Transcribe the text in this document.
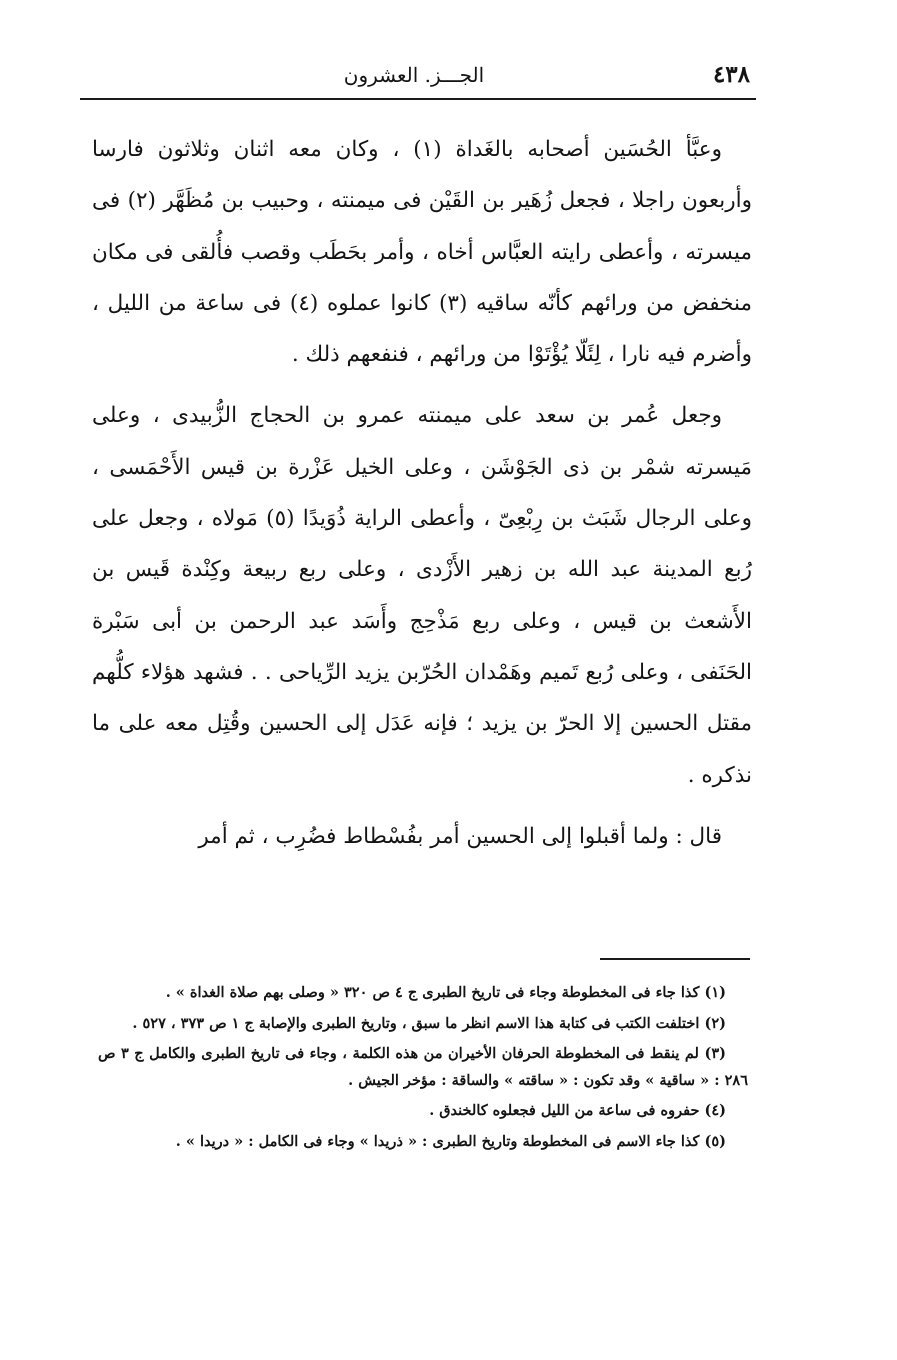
٤٣٨
الجـــز. العشرون

وعبَّأ الحُسَين أصحابه بالغَداة (١) ، وكان معه اثنان وثلاثون فارسا وأربعون راجلا ، فجعل زُهَير بن القَيْن فى ميمنته ، وحبيب بن مُظَهَّر (٢) فى ميسرته ، وأعطى رايته العبَّاس أخاه ، وأمر بحَطَب وقصب فأُلقى فى مكان منخفض من ورائهم كأنّه ساقيه (٣) كانوا عملوه (٤) فى ساعة من الليل ، وأضرم فيه نارا ، لِئَلّا يُؤْتَوْا من ورائهم ، فنفعهم ذلك .

وجعل عُمر بن سعد على ميمنته عمرو بن الحجاج الزُّبيدى ، وعلى مَيسرته شمْر بن ذى الجَوْشَن ، وعلى الخيل عَزْرة بن قيس الأَحْمَسى ، وعلى الرجال شَبَث بن رِبْعِىّ ، وأعطى الراية ذُوَيدًا (٥) مَولاه ، وجعل على رُبع المدينة عبد الله بن زهير الأَزْدى ، وعلى ربع ربيعة وكِنْدة قَيس بن الأَشعث بن قيس ، وعلى ربع مَذْحِج وأَسَد عبد الرحمن بن أبى سَبْرة الحَنَفى ، وعلى رُبع تَميم وهَمْدان الحُرّبن يزيد الرِّياحى . . فشهد هؤلاء كلُّهم مقتل الحسين إلا الحرّ بن يزيد ؛ فإنه عَدَل إلى الحسين وقُتِل معه على ما نذكره .

قال : ولما أقبلوا إلى الحسين أمر بفُسْطاط فضُرِب ، ثم أمر

(١) كذا جاء فى المخطوطة وجاء فى تاريخ الطبرى ج ٤ ص ٣٢٠ « وصلى بهم صلاة الغداة » .

(٢) اختلفت الكتب فى كتابة هذا الاسم انظر ما سبق ، وتاريخ الطبرى والإصابة ج ١ ص ٣٧٣ ، ٥٢٧ .

(٣) لم ينقط فى المخطوطة الحرفان الأخيران من هذه الكلمة ، وجاء فى تاريخ الطبرى والكامل ج ٣ ص ٢٨٦ : « ساقية » وقد تكون : « ساقته » والساقة : مؤخر الجيش .

(٤) حفروه فى ساعة من الليل فجعلوه كالخندق .

(٥) كذا جاء الاسم فى المخطوطة وتاريخ الطبرى : « ذريدا » وجاء فى الكامل : « دريدا » .
